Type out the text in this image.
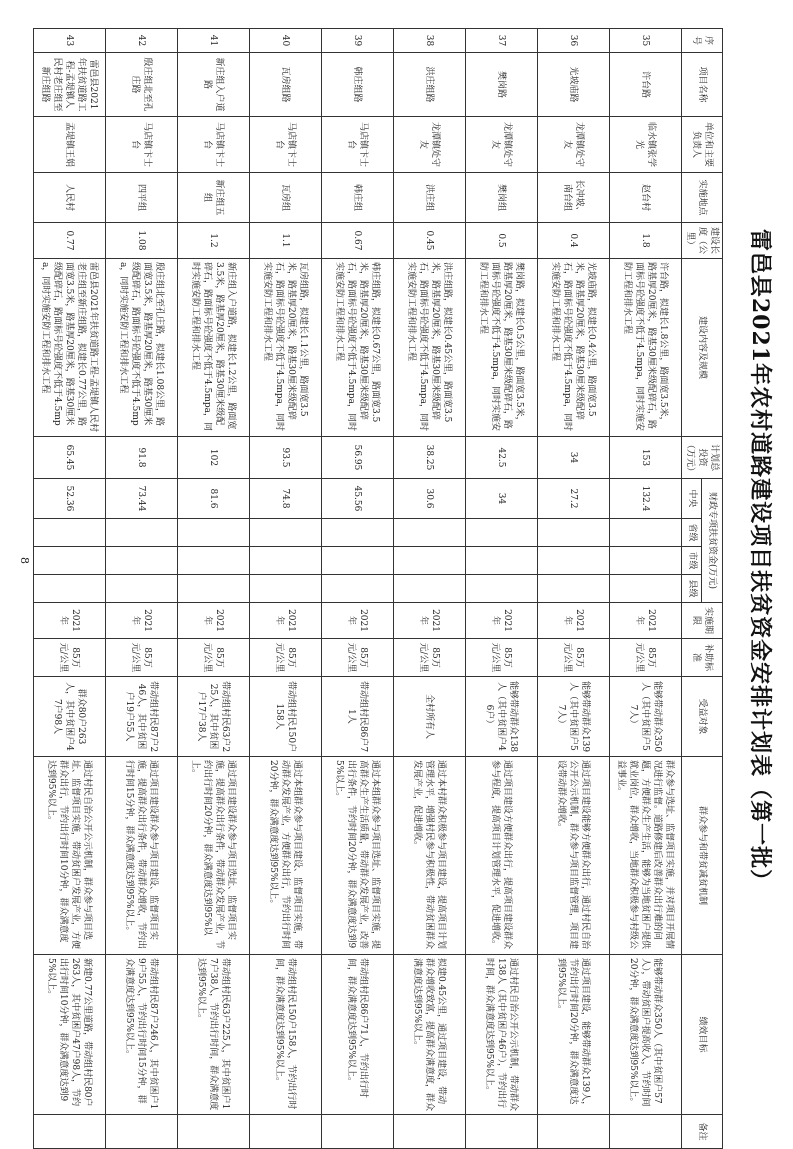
雷邑县2021年农村道路建设项目扶贫资金安排计划表（第一批）
序号	项目名称	单位和主要负责人	实施地点	建设长度（公里）	建设内容及规模	计划总投资（万元）	财政专项扶贫资金(万元)				实施期限	补助标准	受益对象	群众参与和带贫减贫机制	绩效目标	备注
							中央	省级	市级	县级						
35	许台路	临水镇张学光	赵台村	1.8	许台路，拟建长1.8公里，路面宽3.5米，路基厚20厘米，路基30厘米级配碎石，路面标号砼强度不低于4.5mpa，同时实施安防工程和排水工程	153	132.4				2021年	85万元/公里	能够带动群众350人（其中贫困户57人）	群众参与选址、监督项目实施，并对项目开展情况进行监督。道路修建后改善群众出行难的问题，方便群众生产生活，能够为当地贫困户提供就业岗位，群众增收，当地群众积极参与村级公益事业。	能够带动群众350人（其中贫困户57人），带动贫困户提高收入，节约时间20分钟，群众满意度达到95%以上。	
36	光坡庙路	龙潭镇处守友	长冲坡、南台组	0.4	光坡庙路，拟建长0.4公里，路面宽3.5米，路基厚20厘米，路基30厘米级配碎石，路面标号砼强度不低于4.5mpa，同时实施安防工程和排水工程	34	27.2				2021年	85万元/公里	能够带动群众139人（其中贫困户57人）	通过项目建设能够方便群众出行，通过村民自治公开公示机制，群众参与项目监督管理，项目建设带动群众增收。	通过项目建设，能够带动群众139人，节约出行时间20分钟，群众满意度达到95%以上。	
37	樊岗路	龙潭镇处守友	樊岗组	0.5	樊岗路，拟建长0.5公里，路面宽3.5米，路基厚20厘米，路基30厘米级配碎石，路面标号砼强度不低于4.5mpa，同时实施安防工程和排水工程	42.5	34				2021年	85万元/公里	能够带动群众138人（其中贫困户46户）	通过项目建设方便群众出行，提高项目建设群众参与程度，提高项目计划管理水平，促进增收。	通过村民自治公开公示机制，带动群众138人（其中贫困户46户），节约出行时间，群众满意度达到95%以上。	
38	洪庄组路	龙潭镇处守友	洪庄组	0.45	洪庄组路，拟建长0.45公里，路面宽3.5米，路基厚20厘米，路基30厘米级配碎石，路面标号砼强度不低于4.5mpa，同时实施安防工程和排水工程	38.25	30.6				2021年	85万元/公里	全村所有人	通过本村群众积极参与项目建设，提高项目计划管理水平，增强村民参与积极性，带动贫困群众发展产业，促进增收。	拟建0.45公里，通过项目建设，带动群众增收致富，提高群众满意度，群众满意度达到95%以上。	
39	韩庄组路	马店镇卞士台	韩庄组	0.67	韩庄组路，拟建长0.67公里，路面宽3.5米，路基厚20厘米，路基30厘米级配碎石，路面标号砼强度不低于4.5mpa，同时实施安防工程和排水工程	56.95	45.56				2021年	85万元/公里	带动组村民86户71人	通过本组群众参与项目选址、监督项目实施，提高群众生产生活质量，带动群众发展产业，改善出行条件，节约时间20分钟，群众满意度达到95%以上。	带动组村民86户71人，节约出行时间，群众满意度达到95%以上。	
40	瓦房组路	马店镇卞士台	瓦房组	1.1	瓦房组路，拟建长1.1公里，路面宽3.5米，路基厚20厘米，路基30厘米级配碎石，路面标号砼强度不低于4.5mpa，同时实施安防工程和排水工程	93.5	74.8				2021年	85万元/公里	带动组村民150户158人	通过本组群众参与项目建设、监督项目实施，带动群众发展产业，方便群众出行，节约出行时间20分钟，群众满意度达到95%以上。	带动组村民150户158人，节约出行时间，群众满意度达到95%以上。	
41	新庄组入户道路	马店镇卞士台	新庄组五组	1.2	新庄组入户道路，拟建长1.2公里，路面宽3.5米，路基厚20厘米，路基30厘米级配碎石，路面标号砼强度不低于4.5mpa，同时实施安防工程和排水工程	102	81.6				2021年	85万元/公里	带动组村民63户225人，其中贫困户17户38人	通过项目建设群众参与项目选址、监督项目实施，提高群众出行条件，带动群众发展产业，节约出行时间20分钟，群众满意度达到95%以上。	带动组村民63户225人，其中贫困户17户38人，节约出行时间，群众满意度达到95%以上。	
42	殷庄组北至孔庄路	马店镇卞士台	四平组	1.08	殷庄组北至孔庄路，拟建长1.08公里，路面宽3.5米，路基厚20厘米，路基30厘米级配碎石，路面标号砼强度不低于4.5mpa，同时实施安防工程和排水工程	91.8	73.44				2021年	85万元/公里	带动组村民87户246人，其中贫困户19户55人	通过项目建设群众参与项目建设、监督项目实施，提高群众出行条件，带动群众增收，节约出行时间15分钟，群众满意度达到95%以上。	带动组村民87户246人，其中贫困户19户55人，节约出行时间15分钟，群众满意度达到95%以上。	
43	雷邑县2021年扶贫道路工程-孟堤镇人民村老庄组至新庄组路	孟堤镇王娟	人民村	0.77	雷邑县2021年扶贫道路工程-孟堤镇人民村老庄组至新庄组路，拟建长0.77公里，路面宽3.5米，路基厚20厘米，路基30厘米级配碎石，路面标号砼强度不低于4.5mpa，同时实施安防工程和排水工程	65.45	52.36				2021年	85万元/公里	群众80户263人，其中贫困户47户98人	通过村民自治公开公示机制，群众参与项目选址、监督项目实施，带动贫困户发展产业，方便群众出行，节约出行时间10分钟，群众满意度达到95%以上。	新建0.77公里道路，带动组村民80户263人，其中贫困户47户98人，节约出行时间10分钟，群众满意度达到95%以上。	
8
